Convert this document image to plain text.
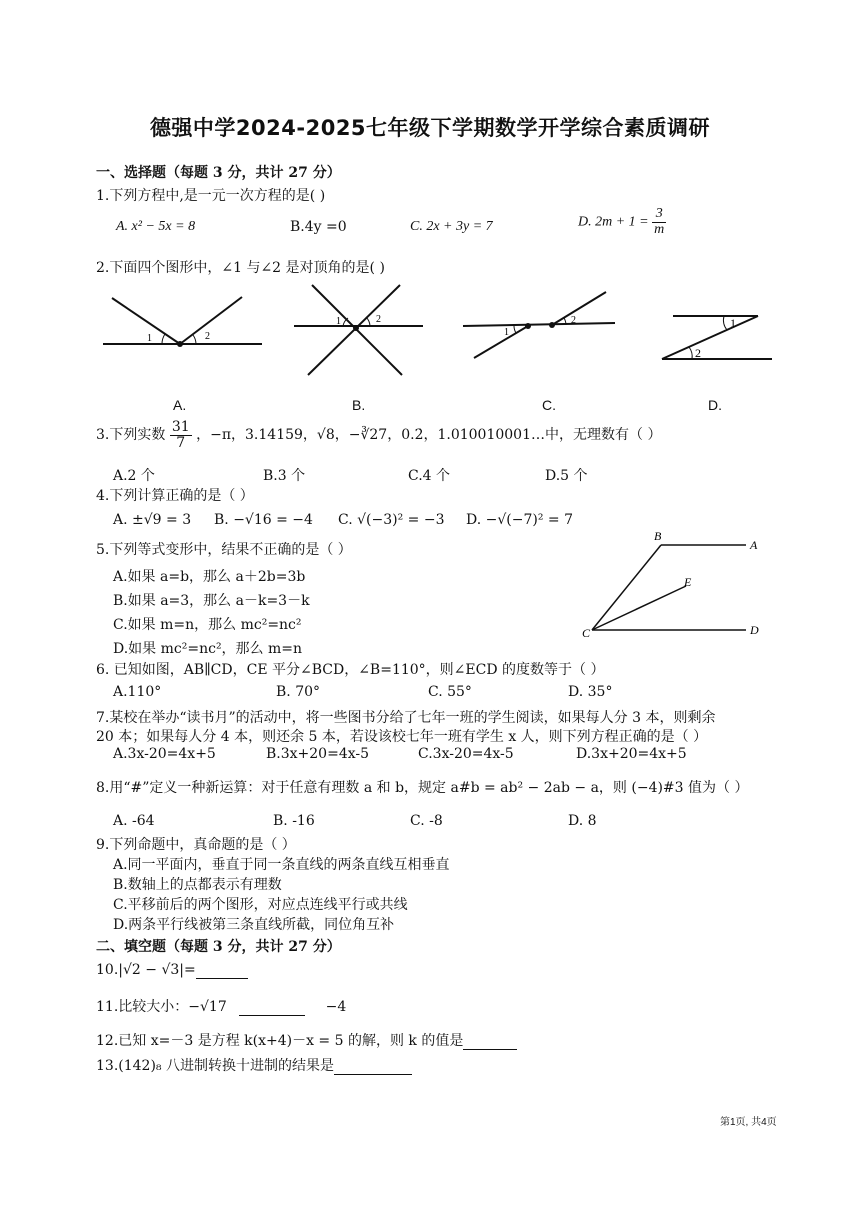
德强中学2024-2025七年级下学期数学开学综合素质调研
一、选择题（每题 3 分，共计 27 分）
1.下列方程中,是一元一次方程的是( )
A. x² − 5x = 8	B.4y =0	C. 2x + 3y = 7	D. $2m + 1 = \frac{3}{m}$
2.下面四个图形中，∠1 与∠2 是对顶角的是( )
1	2
1	2
1
2	1
2
A.	B.	C.	D.
3.下列实数 $\frac{31}{7}$ ，−π，3.14159，√8，−∛27，0.2̇，1.010010001…中，无理数有（ ）
A.2 个	B.3 个	C.4 个	D.5 个
4.下列计算正确的是（ ）
A. ±√9 = 3 B. −√16 = −4 C. √(−3)² = −3 D. −√(−7)² = 7
5.下列等式变形中，结果不正确的是（ ）
A.如果 a=b，那么 a＋2b=3b
B.如果 a=3，那么 a－k=3－k
C.如果 m=n，那么 mc²=nc²
D.如果 mc²=nc²，那么 m=n
B
A
E
C	D
6. 已知如图，AB∥CD，CE 平分∠BCD，∠B=110°，则∠ECD 的度数等于（ ）
A.110°	B. 70°	C. 55°	D. 35°
7.某校在举办“读书月”的活动中，将一些图书分给了七年一班的学生阅读，如果每人分 3 本，则剩余
20 本；如果每人分 4 本，则还余 5 本，若设该校七年一班有学生 x 人，则下列方程正确的是（ ）
A.3x-20=4x+5	B.3x+20=4x-5	C.3x-20=4x-5	D.3x+20=4x+5
8.用“#”定义一种新运算：对于任意有理数 a 和 b，规定 a#b = ab² − 2ab − a，则 (−4)#3 值为（ ）
A. -64	B. -16	C. -8	D. 8
9.下列命题中，真命题的是（ ）
A.同一平面内，垂直于同一条直线的两条直线互相垂直
B.数轴上的点都表示有理数
C.平移前后的两个图形，对应点连线平行或共线
D.两条平行线被第三条直线所截，同位角互补
二、填空题（每题 3 分，共计 27 分）
10.|√2 − √3|=
11.比较大小：−√17	−4
12.已知 x=－3 是方程 k(x+4)－x = 5 的解，则 k 的值是
13.(142)₈ 八进制转换十进制的结果是
第1页, 共4页
